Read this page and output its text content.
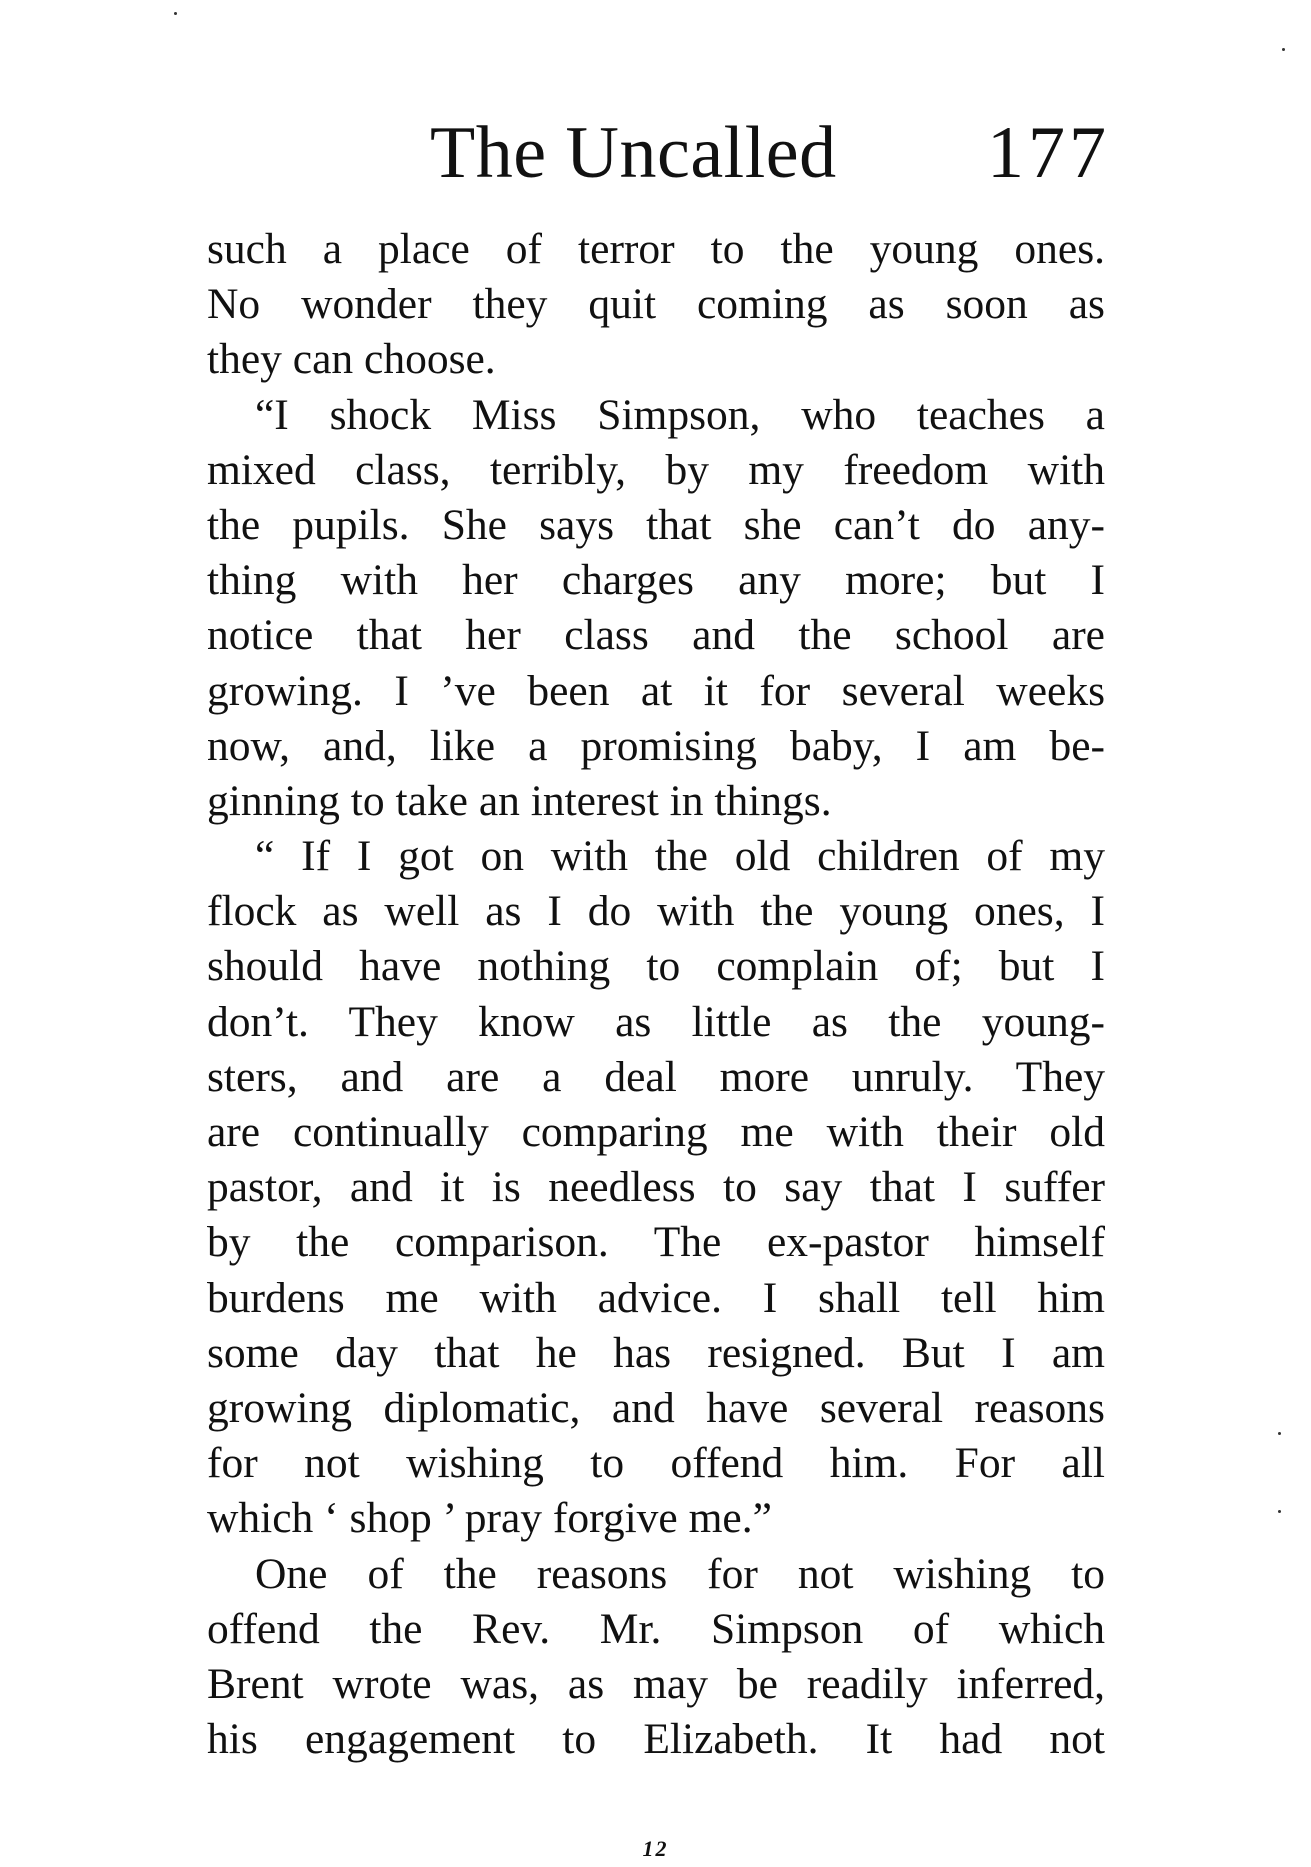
The Uncalled 177
such a place of terror to the young ones.
No wonder they quit coming as soon as
they can choose.
“I shock Miss Simpson, who teaches a
mixed class, terribly, by my freedom with
the pupils. She says that she can’t do any-
thing with her charges any more; but I
notice that her class and the school are
growing. I ’ve been at it for several weeks
now, and, like a promising baby, I am be-
ginning to take an interest in things.
“ If I got on with the old children of my
flock as well as I do with the young ones, I
should have nothing to complain of; but I
don’t. They know as little as the young-
sters, and are a deal more unruly. They
are continually comparing me with their old
pastor, and it is needless to say that I suffer
by the comparison. The ex-pastor himself
burdens me with advice. I shall tell him
some day that he has resigned. But I am
growing diplomatic, and have several reasons
for not wishing to offend him. For all
which ‘ shop ’ pray forgive me.”
One of the reasons for not wishing to
offend the Rev. Mr. Simpson of which
Brent wrote was, as may be readily inferred,
his engagement to Elizabeth. It had not
12
